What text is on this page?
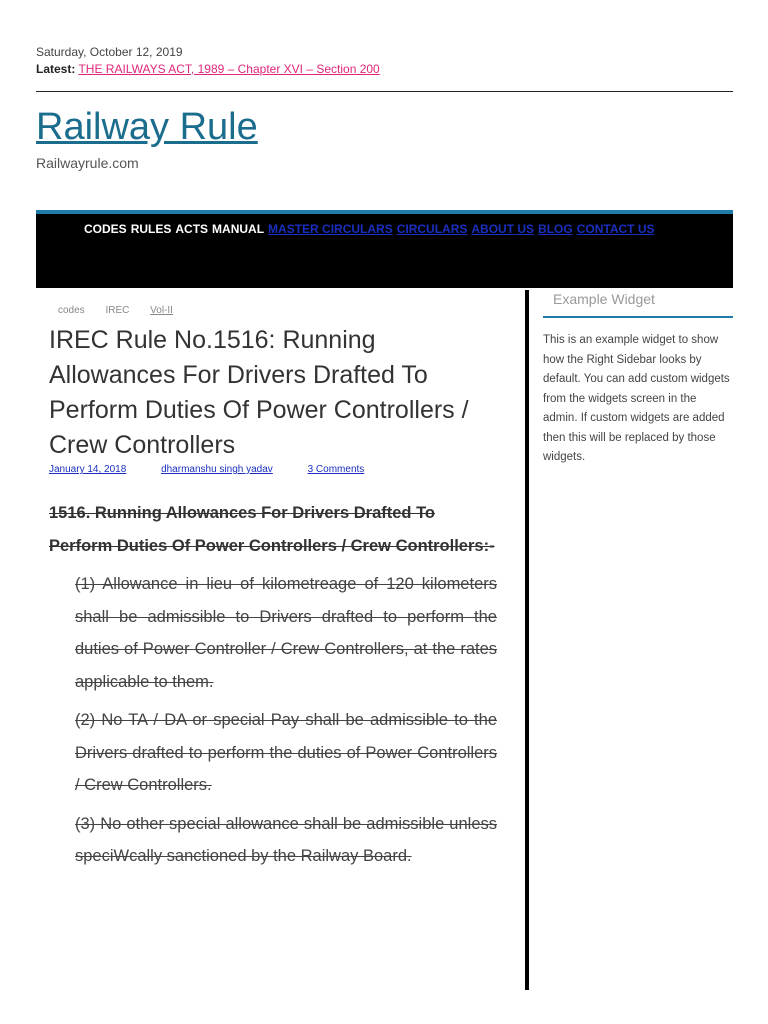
Saturday, October 12, 2019
Latest: THE RAILWAYS ACT, 1989 – Chapter XVI – Section 200
Railway Rule
Railwayrule.com
CODES RULES ACTS MANUAL MASTER CIRCULARS CIRCULARS ABOUT US BLOG CONTACT US
codes IREC Vol-II
IREC Rule No.1516: Running Allowances For Drivers Drafted To Perform Duties Of Power Controllers / Crew Controllers
January 14, 2018	dharmanshu singh yadav	3 Comments

1516. Running Allowances For Drivers Drafted To Perform Duties Of Power Controllers / Crew Controllers:-

(1) Allowance in lieu of kilometreage of 120 kilometers shall be admissible to Drivers drafted to perform the duties of Power Controller / Crew Controllers, at the rates applicable to them.

(2) No TA / DA or special Pay shall be admissible to the Drivers drafted to perform the duties of Power Controllers / Crew Controllers.

(3) No other special allowance shall be admissible unless speciWcally sanctioned by the Railway Board.

Example Widget
This is an example widget to show how the Right Sidebar looks by default. You can add custom widgets from the widgets screen in the admin. If custom widgets are added then this will be replaced by those widgets.
